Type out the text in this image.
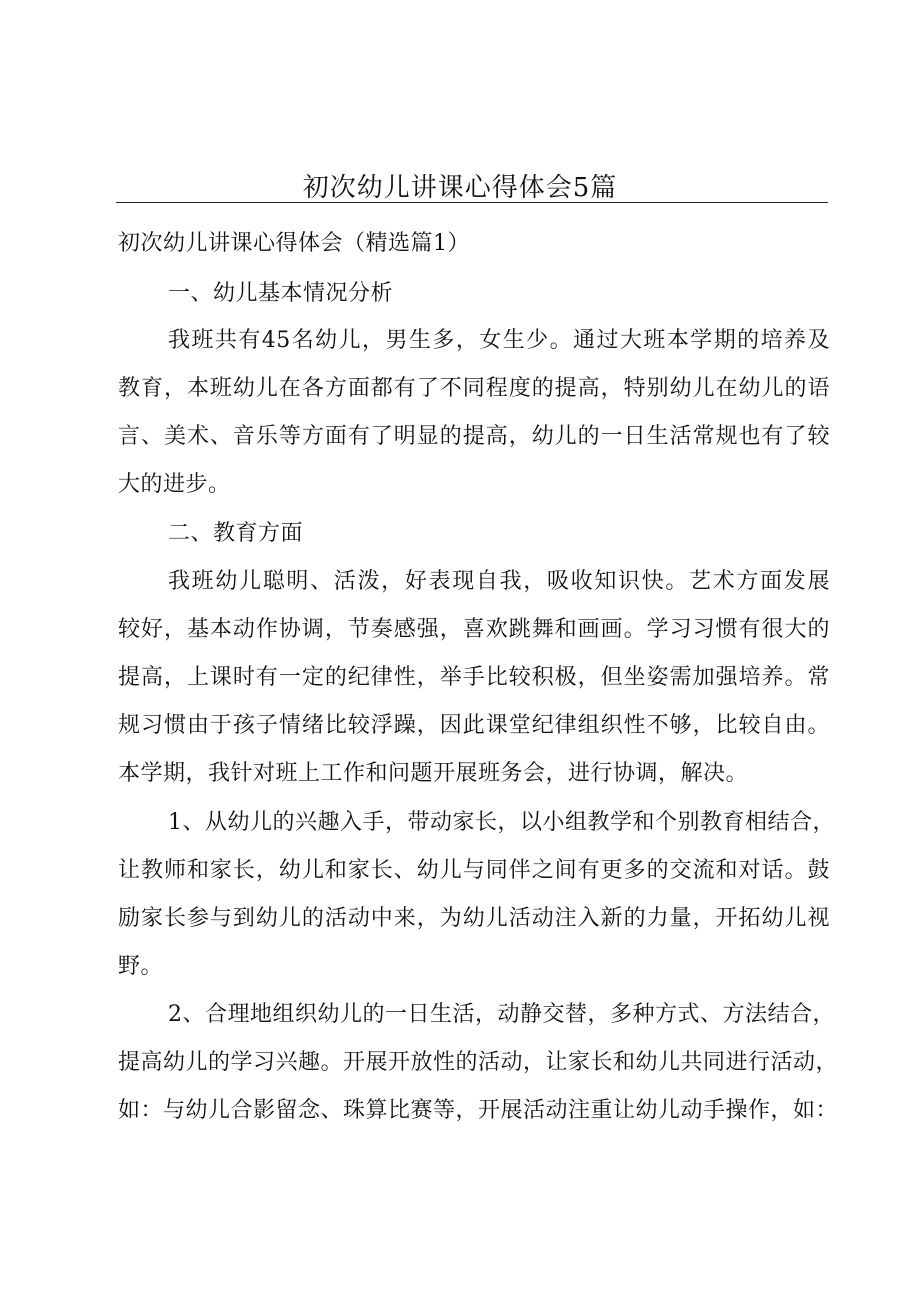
初次幼儿讲课心得体会5篇
初次幼儿讲课心得体会（精选篇1）
一、幼儿基本情况分析
我班共有45名幼儿，男生多，女生少。通过大班本学期的培养及
教育，本班幼儿在各方面都有了不同程度的提高，特别幼儿在幼儿的语
言、美术、音乐等方面有了明显的提高，幼儿的一日生活常规也有了较
大的进步。
二、教育方面
我班幼儿聪明、活泼，好表现自我，吸收知识快。艺术方面发展
较好，基本动作协调，节奏感强，喜欢跳舞和画画。学习习惯有很大的
提高，上课时有一定的纪律性，举手比较积极，但坐姿需加强培养。常
规习惯由于孩子情绪比较浮躁，因此课堂纪律组织性不够，比较自由。
本学期，我针对班上工作和问题开展班务会，进行协调，解决。
1、从幼儿的兴趣入手，带动家长，以小组教学和个别教育相结合，
让教师和家长，幼儿和家长、幼儿与同伴之间有更多的交流和对话。鼓
励家长参与到幼儿的活动中来，为幼儿活动注入新的力量，开拓幼儿视
野。
2、合理地组织幼儿的一日生活，动静交替，多种方式、方法结合，
提高幼儿的学习兴趣。开展开放性的活动，让家长和幼儿共同进行活动，
如：与幼儿合影留念、珠算比赛等，开展活动注重让幼儿动手操作，如：
